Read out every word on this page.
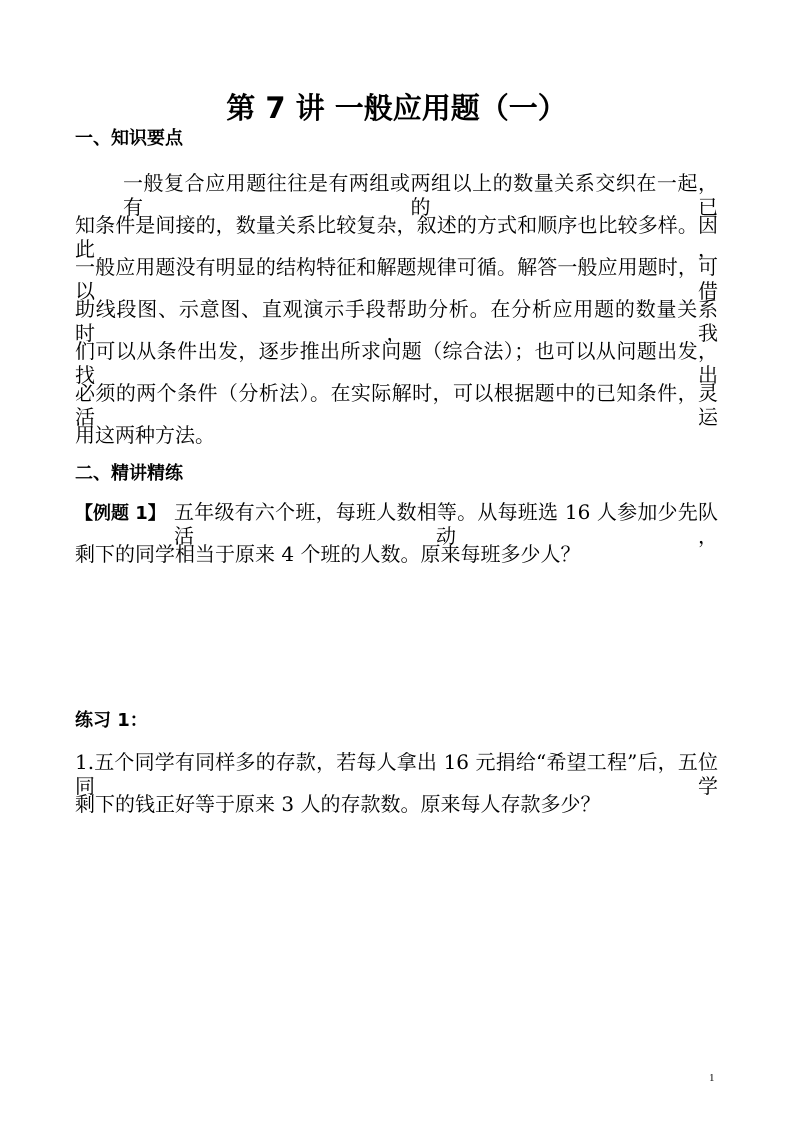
第 7 讲 一般应用题（一）
一、知识要点
一般复合应用题往往是有两组或两组以上的数量关系交织在一起，有的已
知条件是间接的，数量关系比较复杂，叙述的方式和顺序也比较多样。因此，
一般应用题没有明显的结构特征和解题规律可循。解答一般应用题时，可以借
助线段图、示意图、直观演示手段帮助分析。在分析应用题的数量关系时，我
们可以从条件出发，逐步推出所求问题（综合法）；也可以从问题出发，找出
必须的两个条件（分析法）。在实际解时，可以根据题中的已知条件，灵活运
用这两种方法。
二、精讲精练
【例题 1】 五年级有六个班，每班人数相等。从每班选 16 人参加少先队活动，
剩下的同学相当于原来 4 个班的人数。原来每班多少人？
练习 1：
1.五个同学有同样多的存款，若每人拿出 16 元捐给“希望工程”后，五位同学
剩下的钱正好等于原来 3 人的存款数。原来每人存款多少？
1
